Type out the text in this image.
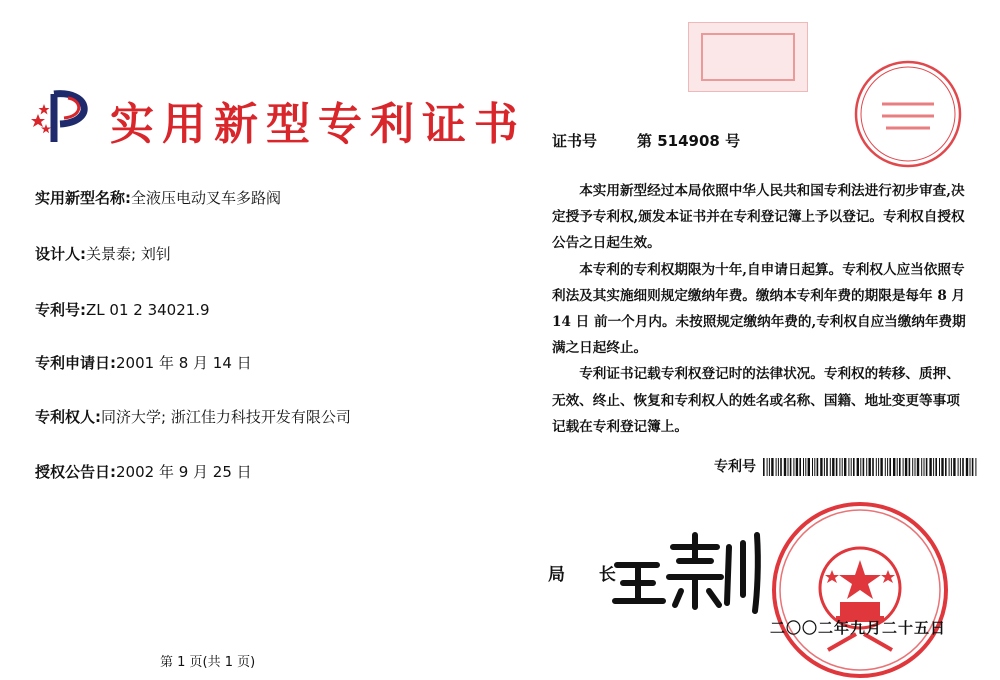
实用新型专利证书
实用新型名称:全液压电动叉车多路阀
设计人:关景泰; 刘钊
专利号:ZL 01 2 34021.9
专利申请日:2001 年 8 月 14 日
专利权人:同济大学; 浙江佳力科技开发有限公司
授权公告日:2002 年 9 月 25 日
第 1 页(共 1 页)
证书号	第 514908 号

本实用新型经过本局依照中华人民共和国专利法进行初步审查,决定授予专利权,颁发本证书并在专利登记簿上予以登记。专利权自授权公告之日起生效。

本专利的专利权期限为十年,自申请日起算。专利权人应当依照专利法及其实施细则规定缴纳年费。缴纳本专利年费的期限是每年 8 月 14 日 前一个月内。未按照规定缴纳年费的,专利权自应当缴纳年费期满之日起终止。

专利证书记载专利权登记时的法律状况。专利权的转移、质押、无效、终止、恢复和专利权人的姓名或名称、国籍、地址变更等事项记载在专利登记簿上。

专利号
局 长
二〇〇二年九月二十五日
